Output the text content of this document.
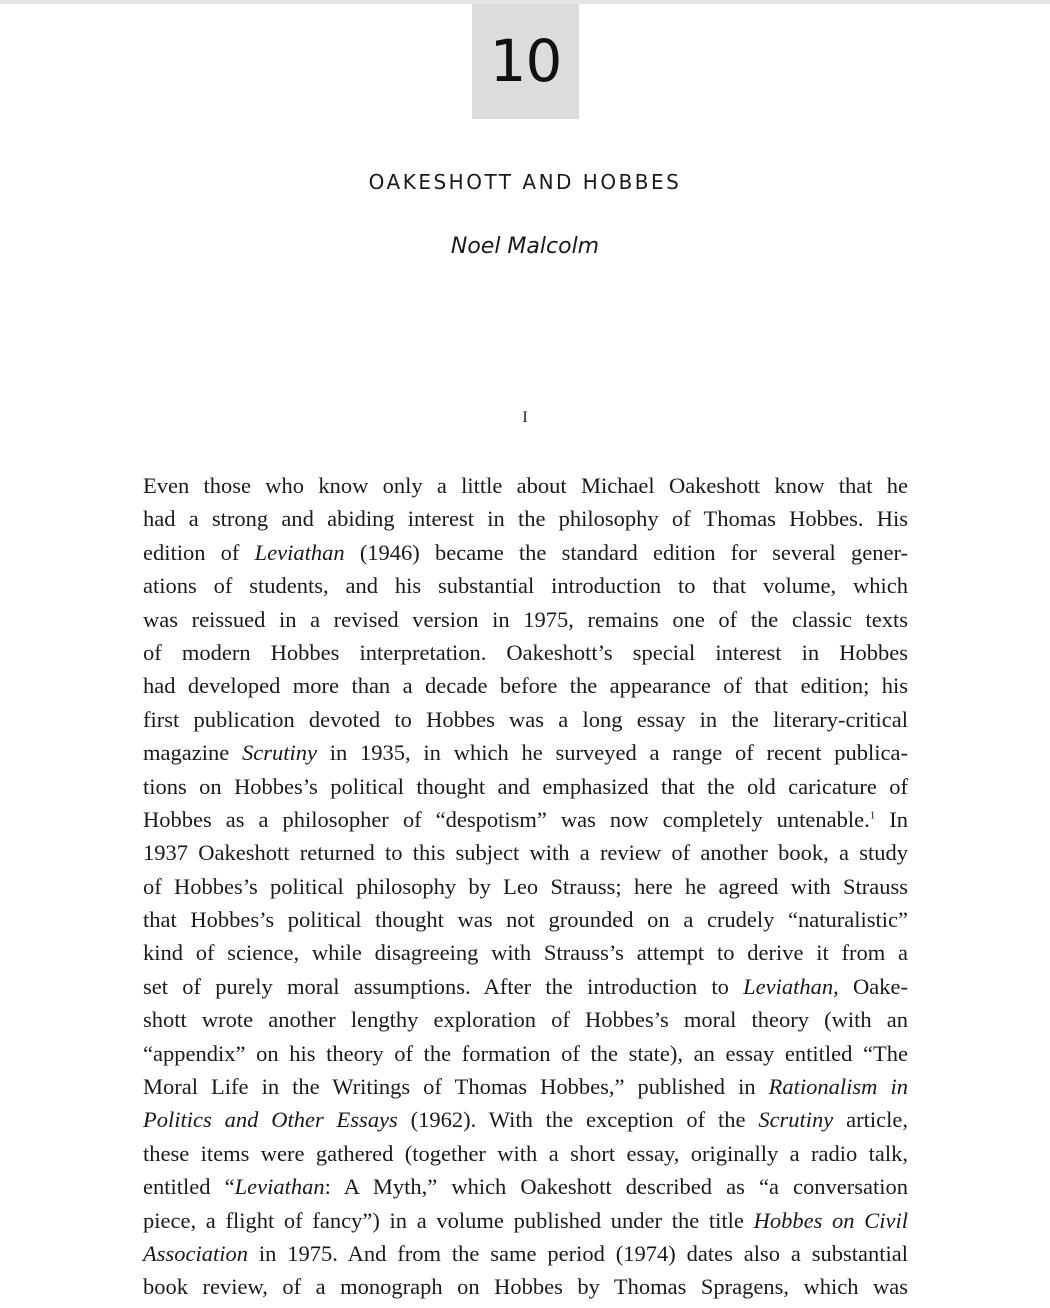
10
OAKESHOTT AND HOBBES
Noel Malcolm
I
Even those who know only a little about Michael Oakeshott know that he
had a strong and abiding interest in the philosophy of Thomas Hobbes. His
edition of Leviathan (1946) became the standard edition for several gener-
ations of students, and his substantial introduction to that volume, which
was reissued in a revised version in 1975, remains one of the classic texts
of modern Hobbes interpretation. Oakeshott’s special interest in Hobbes
had developed more than a decade before the appearance of that edition; his
first publication devoted to Hobbes was a long essay in the literary-critical
magazine Scrutiny in 1935, in which he surveyed a range of recent publica-
tions on Hobbes’s political thought and emphasized that the old caricature of
Hobbes as a philosopher of “despotism” was now completely untenable.$^1$ In
1937 Oakeshott returned to this subject with a review of another book, a study
of Hobbes’s political philosophy by Leo Strauss; here he agreed with Strauss
that Hobbes’s political thought was not grounded on a crudely “naturalistic”
kind of science, while disagreeing with Strauss’s attempt to derive it from a
set of purely moral assumptions. After the introduction to Leviathan, Oake-
shott wrote another lengthy exploration of Hobbes’s moral theory (with an
“appendix” on his theory of the formation of the state), an essay entitled “The
Moral Life in the Writings of Thomas Hobbes,” published in Rationalism in
Politics and Other Essays (1962). With the exception of the Scrutiny article,
these items were gathered (together with a short essay, originally a radio talk,
entitled “Leviathan: A Myth,” which Oakeshott described as “a conversation
piece, a flight of fancy”) in a volume published under the title Hobbes on Civil
Association in 1975. And from the same period (1974) dates also a substantial
book review, of a monograph on Hobbes by Thomas Spragens, which was
